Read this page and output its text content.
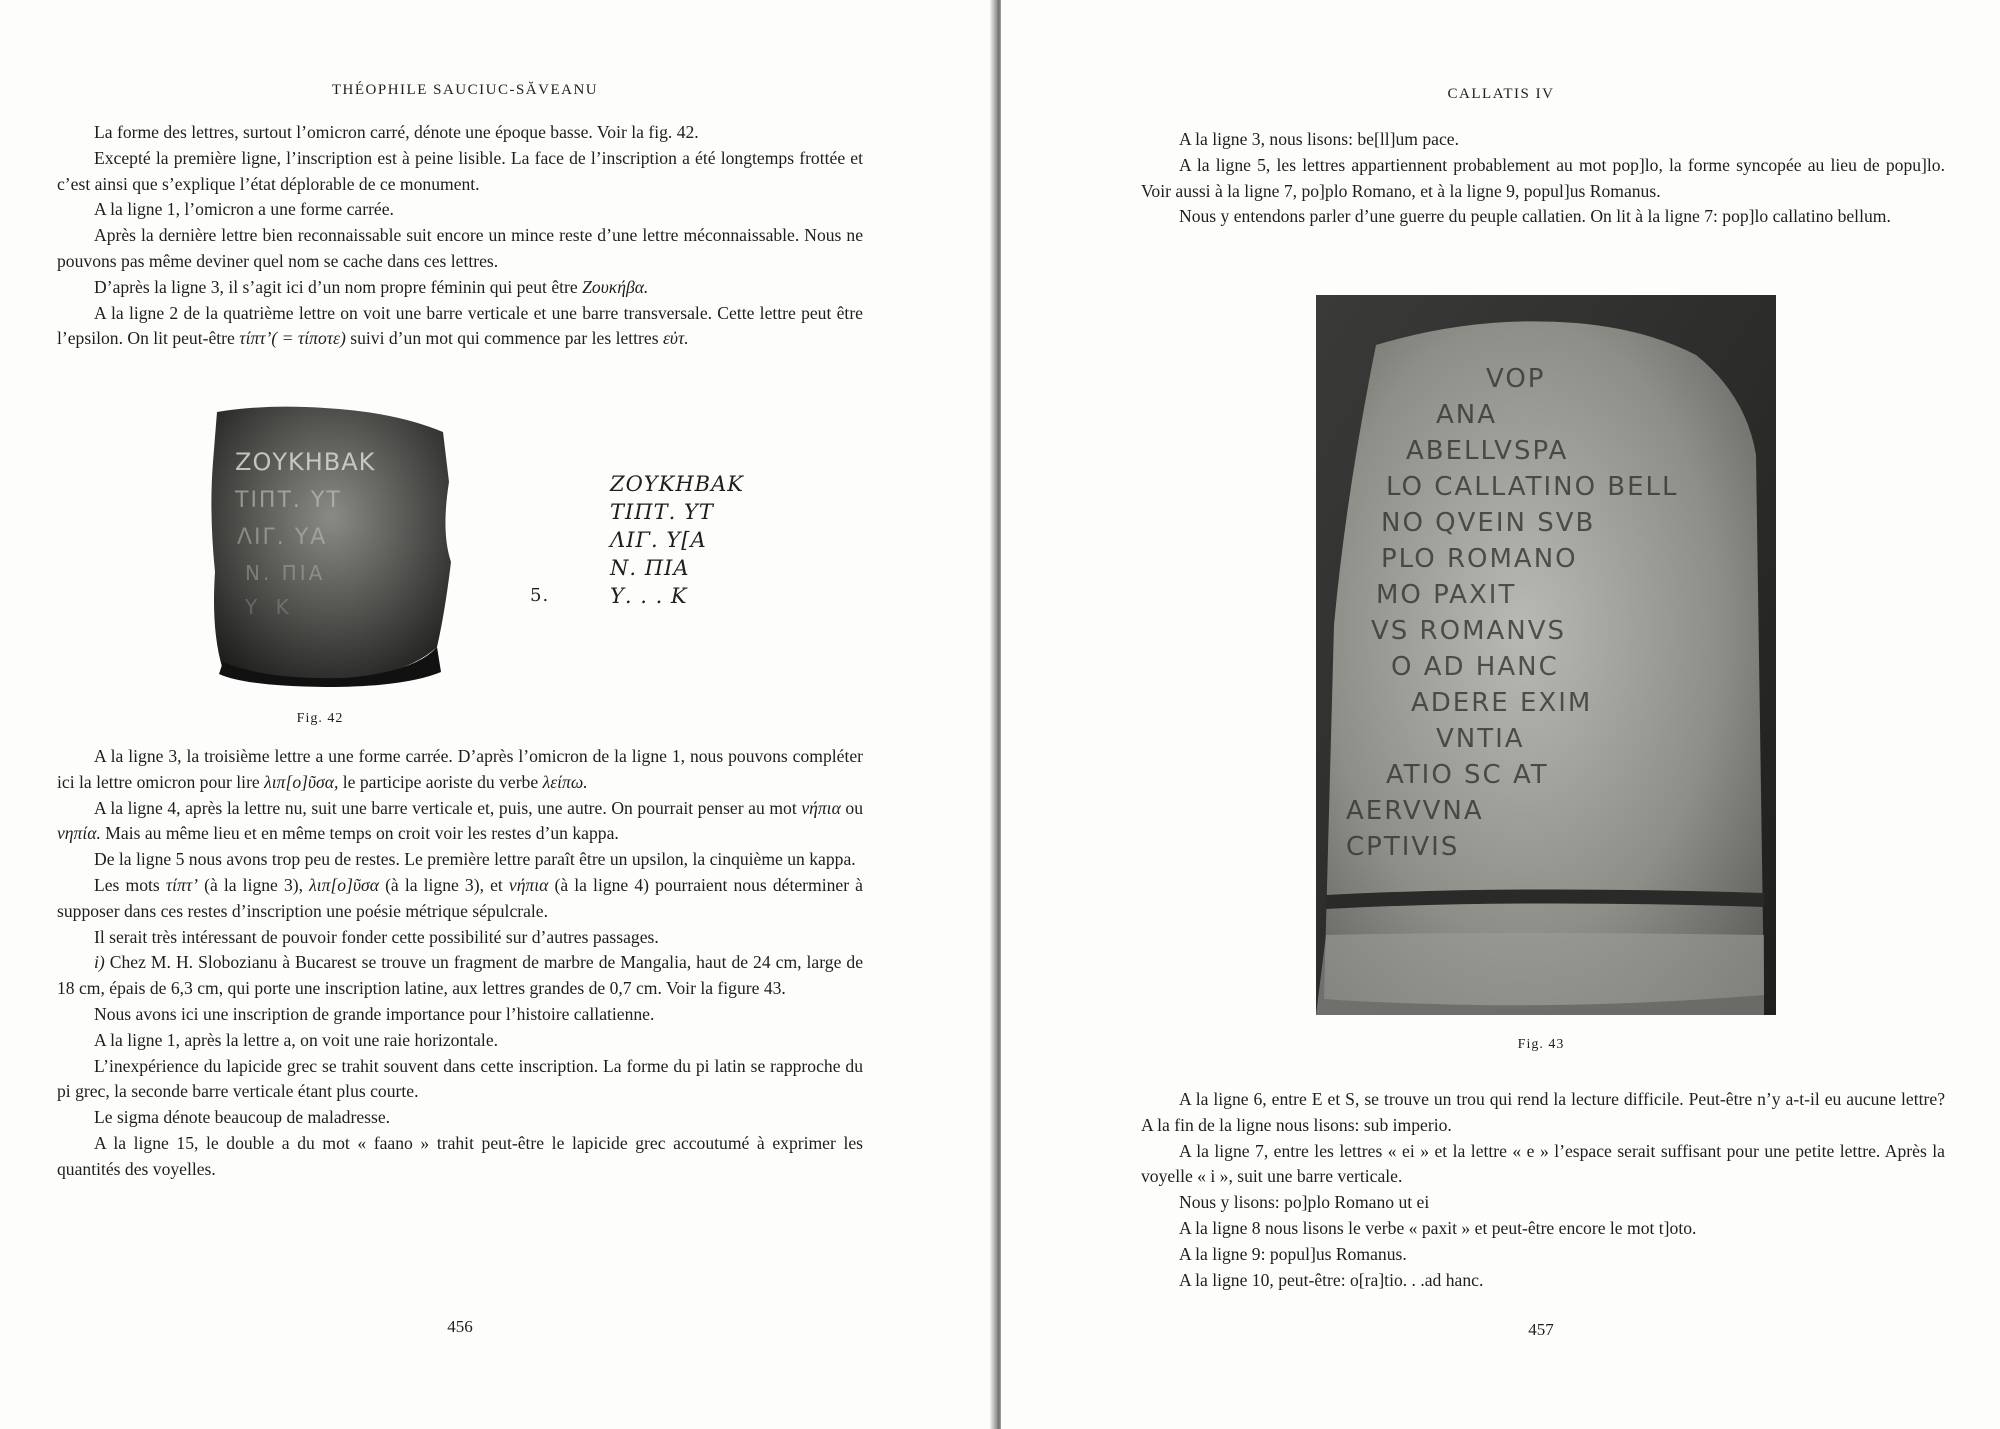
THÉOPHILE SAUCIUC-SĂVEANU

La forme des lettres, surtout l’omicron carré, dénote une époque basse. Voir la fig. 42.

Excepté la première ligne, l’inscription est à peine lisible. La face de l’inscription a été longtemps frottée et c’est ainsi que s’explique l’état déplorable de ce monument.

A la ligne 1, l’omicron a une forme carrée.

Après la dernière lettre bien reconnaissable suit encore un mince reste d’une lettre méconnaissable. Nous ne pouvons pas même deviner quel nom se cache dans ces lettres.

D’après la ligne 3, il s’agit ici d’un nom propre féminin qui peut être Ζουκήβα.

A la ligne 2 de la quatrième lettre on voit une barre verticale et une barre transversale. Cette lettre peut être l’epsilon. On lit peut-être τίπτ’( = τίποτε) suivi d’un mot qui commence par les lettres εὐτ.

ΖΟΥΚΗΒΑΚ
ΤΙΠΤ. ΥΤ
ΛΙΓ. ΥΑ
Ν. ΠΙΑ
Υ Κ
Fig. 42
ΖΟΥΚΗΒΑΚ
ΤΙΠΤ. ΥΤ
ΛΙΓ. Υ[Α
Ν. ΠΙΑ
5.	Υ. . . Κ

A la ligne 3, la troisième lettre a une forme carrée. D’après l’omicron de la ligne 1, nous pouvons compléter ici la lettre omicron pour lire λιπ[ο]ῦσα, le participe aoriste du verbe λείπω.

A la ligne 4, après la lettre nu, suit une barre verticale et, puis, une autre. On pourrait penser au mot νήπια ou νηπία. Mais au même lieu et en même temps on croit voir les restes d’un kappa.

De la ligne 5 nous avons trop peu de restes. Le première lettre paraît être un upsilon, la cinquième un kappa.

Les mots τίπτ’ (à la ligne 3), λιπ[ο]ῦσα (à la ligne 3), et νήπια (à la ligne 4) pourraient nous déterminer à supposer dans ces restes d’inscription une poésie métrique sépulcrale.

Il serait très intéressant de pouvoir fonder cette possibilité sur d’autres passages.

i) Chez M. H. Slobozianu à Bucarest se trouve un fragment de marbre de Mangalia, haut de 24 cm, large de 18 cm, épais de 6,3 cm, qui porte une inscription latine, aux lettres grandes de 0,7 cm. Voir la figure 43.

Nous avons ici une inscription de grande importance pour l’histoire callatienne.

A la ligne 1, après la lettre a, on voit une raie horizontale.

L’inexpérience du lapicide grec se trahit souvent dans cette inscription. La forme du pi latin se rapproche du pi grec, la seconde barre verticale étant plus courte.

Le sigma dénote beaucoup de maladresse.

A la ligne 15, le double a du mot « faano » trahit peut-être le lapicide grec accoutumé à exprimer les quantités des voyelles.

456
CALLATIS IV

A la ligne 3, nous lisons: be[ll]um pace.

A la ligne 5, les lettres appartiennent probablement au mot pop]lo, la forme syncopée au lieu de popu]lo. Voir aussi à la ligne 7, po]plo Romano, et à la ligne 9, popul]us Romanus.

Nous y entendons parler d’une guerre du peuple callatien. On lit à la ligne 7: pop]lo callatino bellum.

VOP
ANA
ABELLVSPA
LO CALLATINO BELL
NO QVEIN SVB
PLO ROMANO
MO PAXIT
VS ROMANVS
O AD HANC
ADERE EXIM
VNTIA
ATIO SC AT
AERVVNA
CPTIVIS
Fig. 43

A la ligne 6, entre E et S, se trouve un trou qui rend la lecture difficile. Peut-être n’y a-t-il eu aucune lettre? A la fin de la ligne nous lisons: sub imperio.

A la ligne 7, entre les lettres « ei » et la lettre « e » l’espace serait suffisant pour une petite lettre. Après la voyelle « i », suit une barre verticale.

Nous y lisons: po]plo Romano ut ei

A la ligne 8 nous lisons le verbe « paxit » et peut-être encore le mot t]oto.

A la ligne 9: popul]us Romanus.

A la ligne 10, peut-être: o[ra]tio. . .ad hanc.

457
